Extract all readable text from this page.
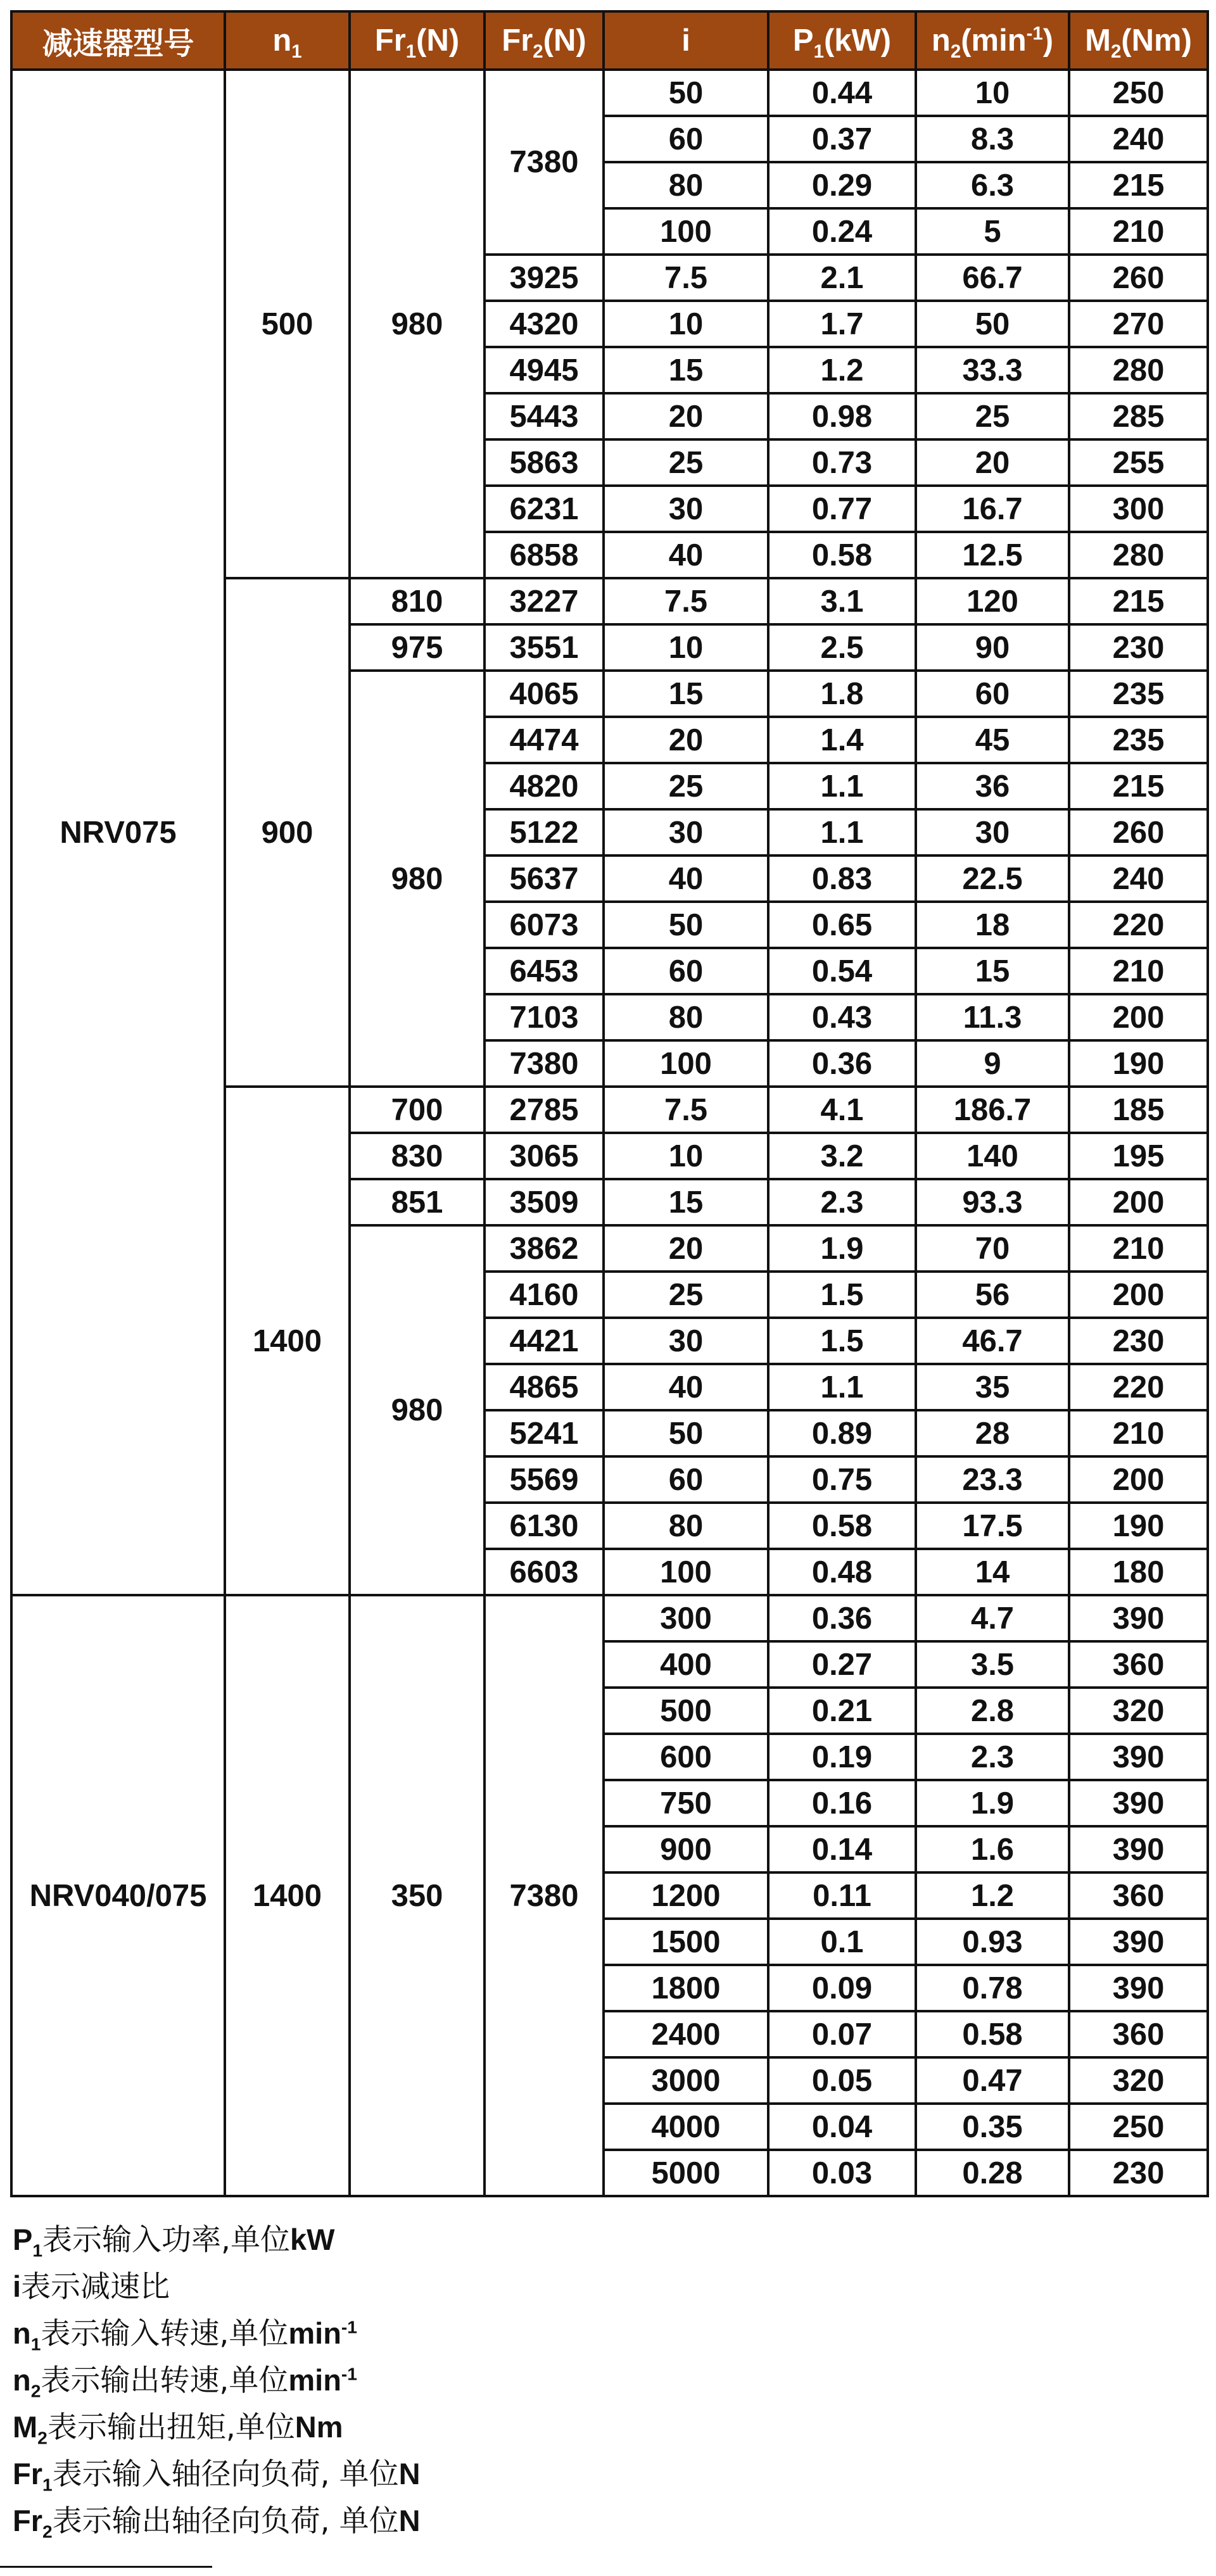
减速器型号	$n_1$	$Fr_1(N)$	$Fr_2(N)$	i	$P_1(kW)$	$n_2(\min^{-1})$	$M_2(Nm)$
NRV075	500	980	7380	50	0.44	10	250
				60	0.37	8.3	240
				80	0.29	6.3	215
				100	0.24	5	210
			3925	7.5	2.1	66.7	260
			4320	10	1.7	50	270
			4945	15	1.2	33.3	280
			5443	20	0.98	25	285
			5863	25	0.73	20	255
			6231	30	0.77	16.7	300
			6858	40	0.58	12.5	280
	900	810	3227	7.5	3.1	120	215
		975	3551	10	2.5	90	230
		980	4065	15	1.8	60	235
			4474	20	1.4	45	235
			4820	25	1.1	36	215
			5122	30	1.1	30	260
			5637	40	0.83	22.5	240
			6073	50	0.65	18	220
			6453	60	0.54	15	210
			7103	80	0.43	11.3	200
			7380	100	0.36	9	190
	1400	700	2785	7.5	4.1	186.7	185
		830	3065	10	3.2	140	195
		851	3509	15	2.3	93.3	200
		980	3862	20	1.9	70	210
			4160	25	1.5	56	200
			4421	30	1.5	46.7	230
			4865	40	1.1	35	220
			5241	50	0.89	28	210
			5569	60	0.75	23.3	200
			6130	80	0.58	17.5	190
			6603	100	0.48	14	180
NRV040/075	1400	350	7380	300	0.36	4.7	390
				400	0.27	3.5	360
				500	0.21	2.8	320
				600	0.19	2.3	390
				750	0.16	1.9	390
				900	0.14	1.6	390
				1200	0.11	1.2	360
				1500	0.1	0.93	390
				1800	0.09	0.78	390
				2400	0.07	0.58	360
				3000	0.05	0.47	320
				4000	0.04	0.35	250
				5000	0.03	0.28	230
$P_1$表示输入功率,单位kW
i表示减速比
$n_1$表示输入转速,单位$\min^{-1}$
$n_2$表示输出转速,单位$\min^{-1}$
$M_2$表示输出扭矩,单位Nm
$Fr_1$表示输入轴径向负荷, 单位N
$Fr_2$表示输出轴径向负荷, 单位N
